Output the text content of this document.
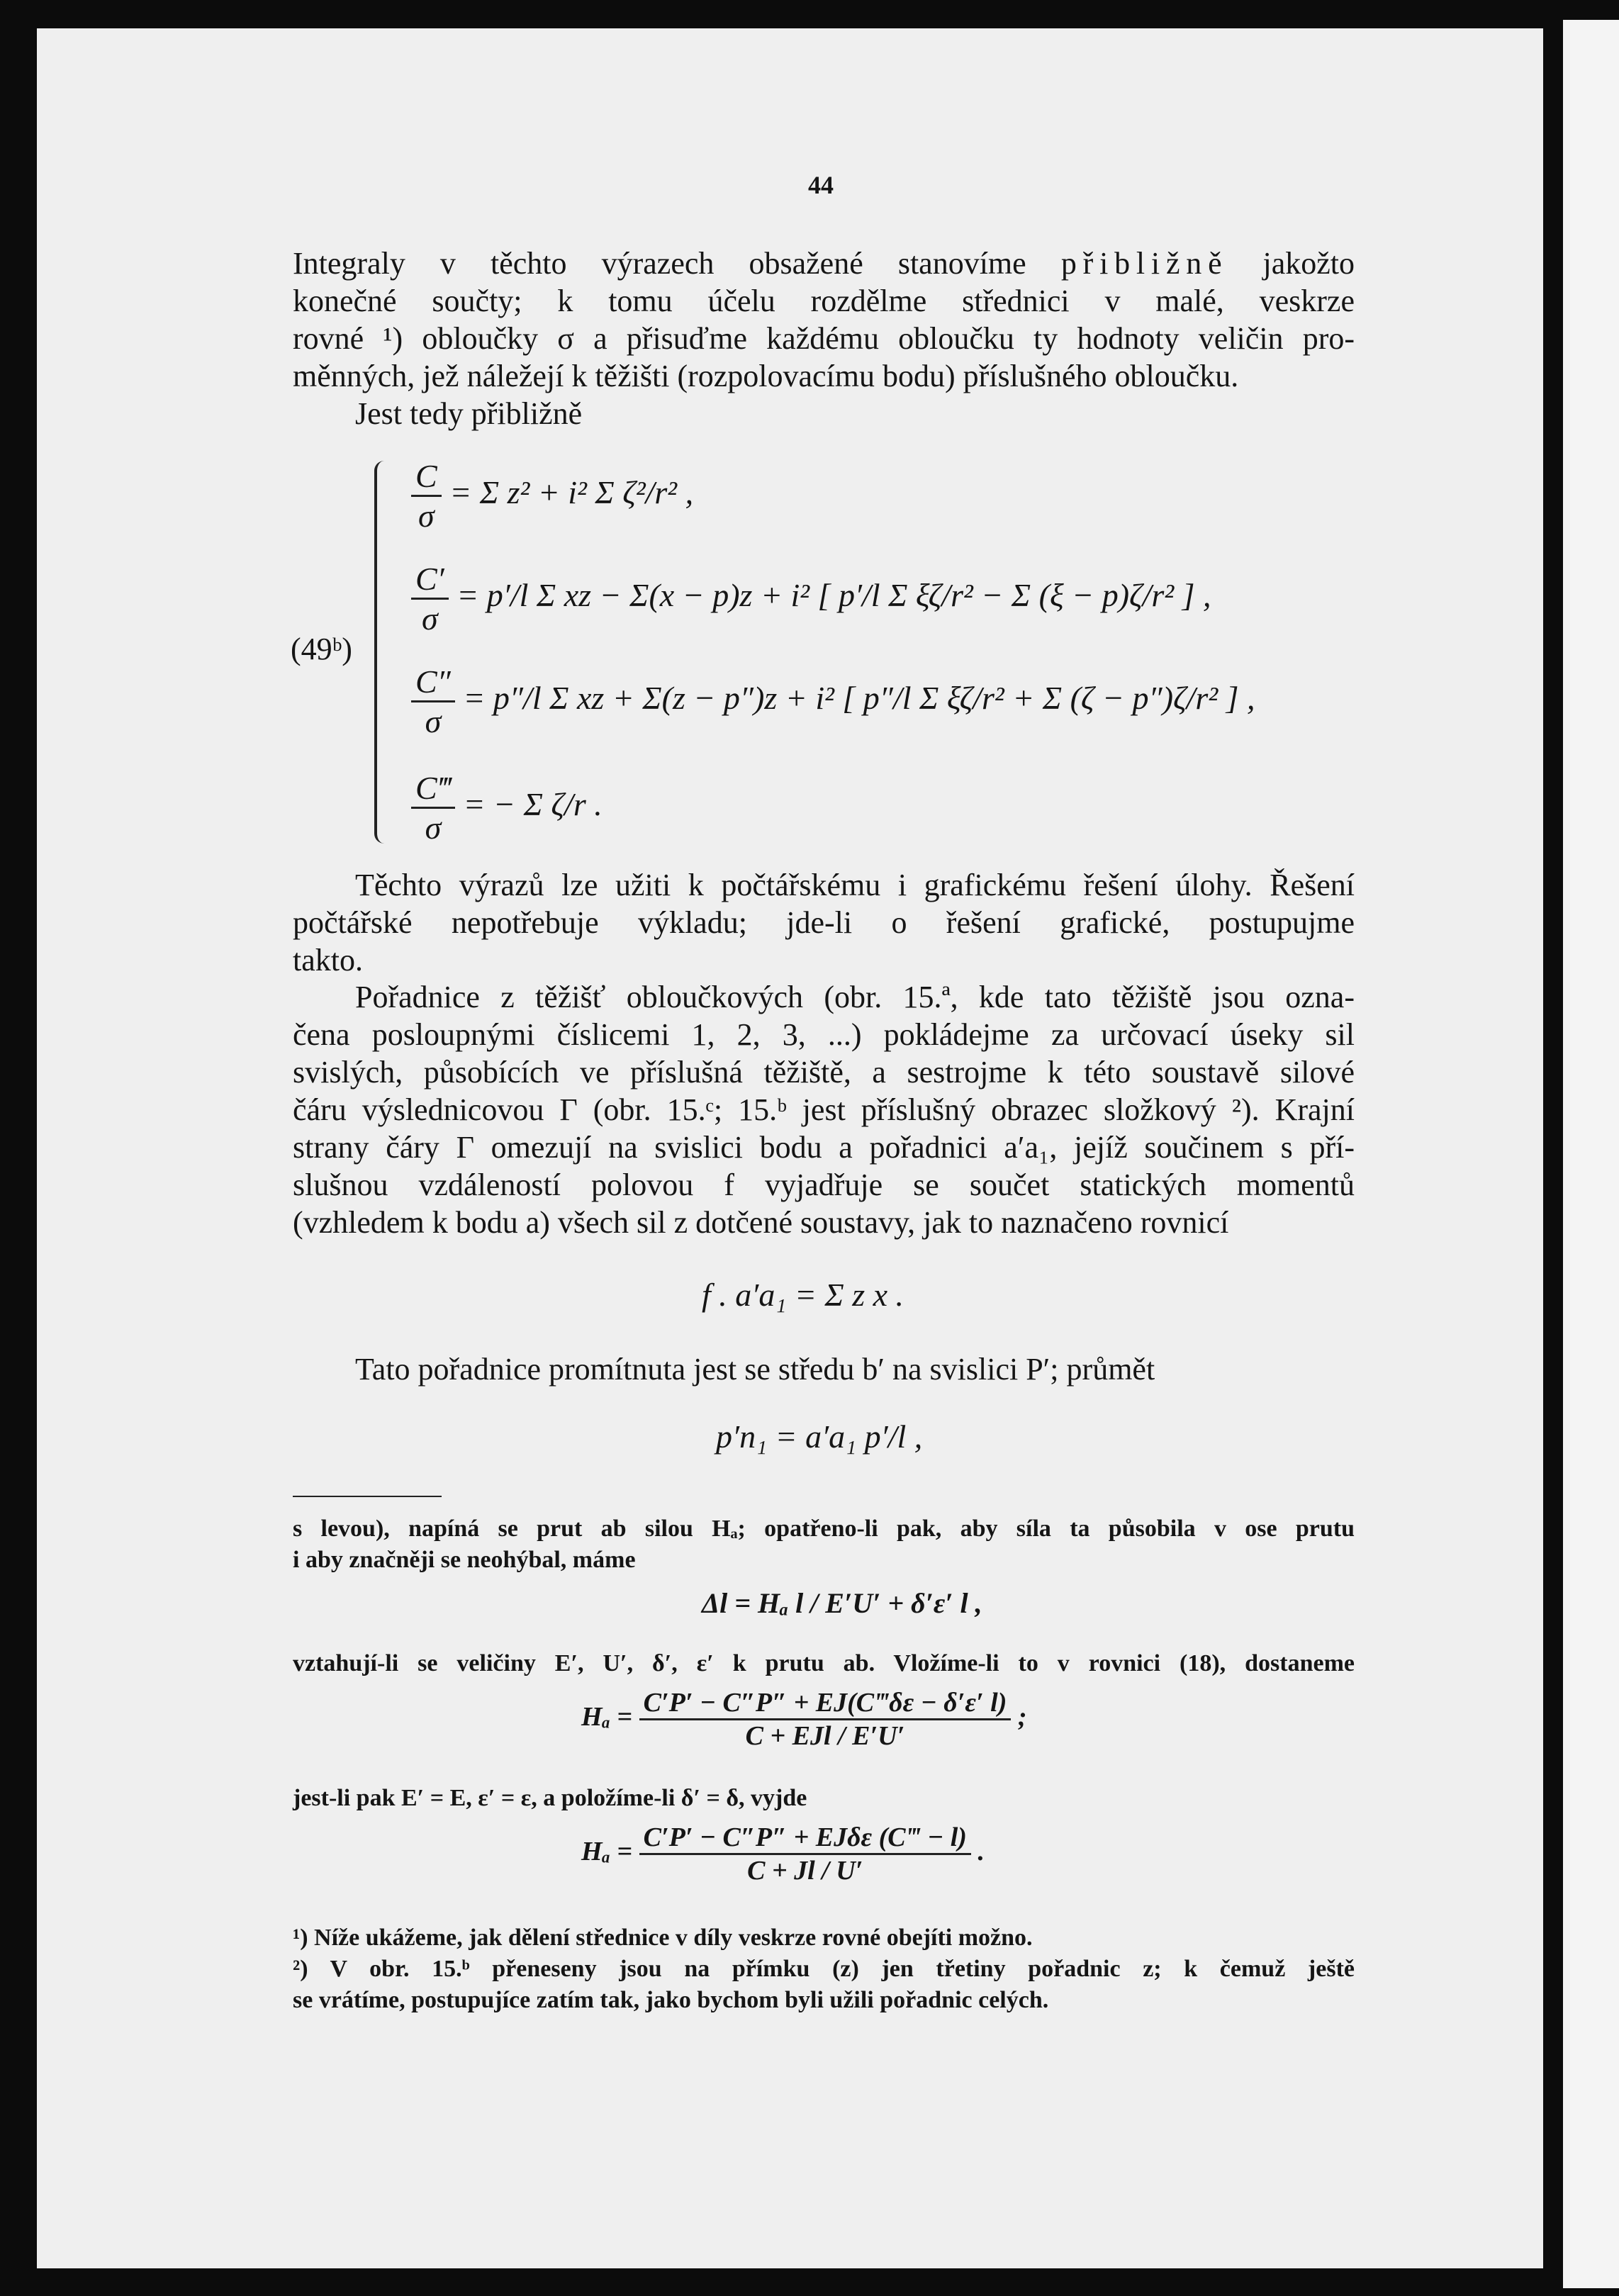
44
Integraly v těchto výrazech obsažené stanovíme přibližně jakožto
konečné součty; k tomu účelu rozdělme střednici v malé, veskrze
rovné ¹) obloučky σ a přisuďme každému obloučku ty hodnoty veličin pro-
měnných, jež náležejí k těžišti (rozpolovacímu bodu) příslušného obloučku.
Jest tedy přibližně
(49ᵇ)
$\frac{C}{\sigma} = \Sigma$ z² + i² Σ ζ²/r² ,
$\frac{C'}{\sigma} = p'/l$ Σ xz − Σ(x − p)z + i² [ p′/l Σ ξζ/r² − Σ (ξ − p)ζ/r² ] ,
$\frac{C''}{\sigma} = p''/l$ Σ xz + Σ(z − p″)z + i² [ p″/l Σ ξζ/r² + Σ (ζ − p″)ζ/r² ] ,
$\frac{C‴}{\sigma}$ = − Σ ζ/r .
Těchto výrazů lze užiti k počtářskému i grafickému řešení úlohy. Řešení
počtářské nepotřebuje výkladu; jde-li o řešení grafické, postupujme
takto.
Pořadnice z těžišť obloučkových (obr. 15.ª, kde tato těžiště jsou ozna-
čena posloupnými číslicemi 1, 2, 3, ...) pokládejme za určovací úseky sil
svislých, působících ve příslušná těžiště, a sestrojme k této soustavě silové
čáru výslednicovou Γ (obr. 15.ᶜ; 15.ᵇ jest příslušný obrazec složkový ²). Krajní
strany čáry Γ omezují na svislici bodu a pořadnici a′a₁, jejíž součinem s pří-
slušnou vzdáleností polovou f vyjadřuje se součet statických momentů
(vzhledem k bodu a) všech sil z dotčené soustavy, jak to naznačeno rovnicí
f . a′a₁ = Σ z x .
Tato pořadnice promítnuta jest se středu b′ na svislici P′; průmět
p′n₁ = a′a₁ p′/l ,
s levou), napíná se prut ab silou Hₐ; opatřeno-li pak, aby síla ta působila v ose prutu
i aby značněji se neohýbal, máme
Δl = Hₐ l / E′U′ + δ′ε′ l ,
vztahují-li se veličiny E′, U′, δ′, ε′ k prutu ab. Vložíme-li to v rovnici (18), dostaneme
$H_a = \frac{C'P' - C''P'' + EJ(C‴\delta\varepsilon - \delta'\varepsilon' l)}{\text{C + EJl / E′U′}}$ ;
jest-li pak E′ = E, ε′ = ε, a položíme-li δ′ = δ, vyjde
$H_a = \frac{\text{C′P′ − C″P″ + EJδε (C‴ − l)}}{C + Jl / U'}$ .
¹) Níže ukážeme, jak dělení střednice v díly veskrze rovné obejíti možno.
²) V obr. 15.ᵇ přeneseny jsou na přímku (z) jen třetiny pořadnic z; k čemuž ještě
se vrátíme, postupujíce zatím tak, jako bychom byli užili pořadnic celých.
